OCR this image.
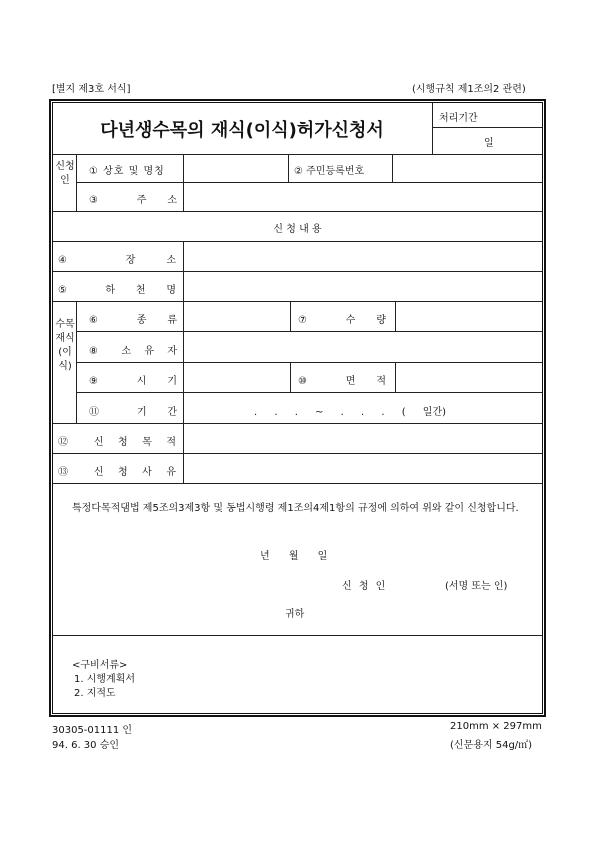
[별지 제3호 서식]	(시행규칙 제1조의2 관련)
다년생수목의 재식(이식)허가신청서
처리기간
일
신청인
① 상호 및 명칭	② 주민등록번호
③ 주 소
신 청 내 용
④ 장 소
⑤ 하 천 명
수목재식(이식)
⑥ 종 류	⑦ 수 량
⑧ 소 유 자
⑨ 시 기	⑩ 면 적
⑪ 기 간	. . . ~ . . . ( 일간)
⑫ 신 청 목 적
⑬ 신 청 사 유
특정다목적댐법 제5조의3제3항 및 동법시행령 제1조의4제1항의 규정에 의하여 위와 같이 신청합니다.
년 월 일
신 청 인	(서명 또는 인)
귀하
<구비서류>
1. 시행계획서
2. 지적도
30305-01111 인
94. 6. 30 승인
210mm × 297mm
(신문용지 54g/㎡)
